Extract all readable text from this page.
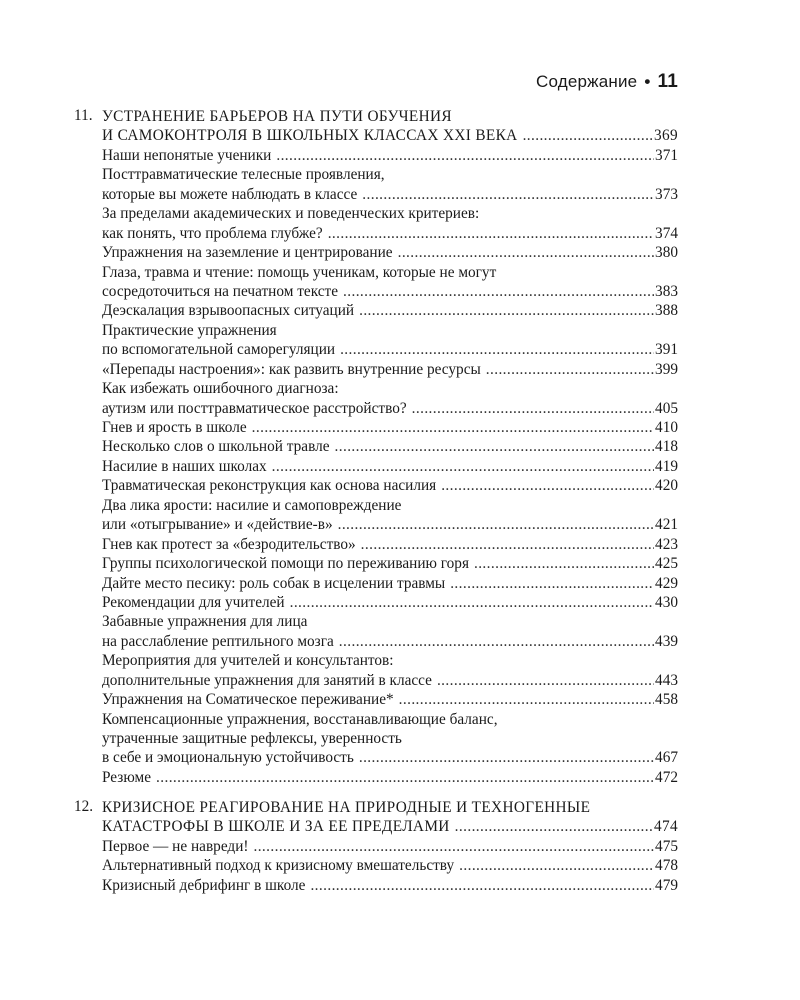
Содержание • 11
11. УСТРАНЕНИЕ БАРЬЕРОВ НА ПУТИ ОБУЧЕНИЯ
И САМОКОНТРОЛЯ В ШКОЛЬНЫХ КЛАССАХ XXI ВЕКА .....	369
Наши непонятые ученики .....	371
Посттравматические телесные проявления,
которые вы можете наблюдать в классе .....	373
За пределами академических и поведенческих критериев:
как понять, что проблема глубже? .....	374
Упражнения на заземление и центрирование .....	380
Глаза, травма и чтение: помощь ученикам, которые не могут
сосредоточиться на печатном тексте .....	383
Деэскалация взрывоопасных ситуаций .....	388
Практические упражнения
по вспомогательной саморегуляции .....	391
«Перепады настроения»: как развить внутренние ресурсы .....	399
Как избежать ошибочного диагноза:
аутизм или посттравматическое расстройство? .....	405
Гнев и ярость в школе .....	410
Несколько слов о школьной травле .....	418
Насилие в наших школах .....	419
Травматическая реконструкция как основа насилия .....	420
Два лика ярости: насилие и самоповреждение
или «отыгрывание» и «действие-в» .....	421
Гнев как протест за «безродительство» .....	423
Группы психологической помощи по переживанию горя .....	425
Дайте место песику: роль собак в исцелении травмы .....	429
Рекомендации для учителей .....	430
Забавные упражнения для лица
на расслабление рептильного мозга .....	439
Мероприятия для учителей и консультантов:
дополнительные упражнения для занятий в классе .....	443
Упражнения на Соматическое переживание* .....	458
Компенсационные упражнения, восстанавливающие баланс,
утраченные защитные рефлексы, уверенность
в себе и эмоциональную устойчивость .....	467
Резюме .....	472
12. КРИЗИСНОЕ РЕАГИРОВАНИЕ НА ПРИРОДНЫЕ И ТЕХНОГЕННЫЕ
КАТАСТРОФЫ В ШКОЛЕ И ЗА ЕЕ ПРЕДЕЛАМИ .....	474
Первое — не навреди! .....	475
Альтернативный подход к кризисному вмешательству .....	478
Кризисный дебрифинг в школе .....	479
